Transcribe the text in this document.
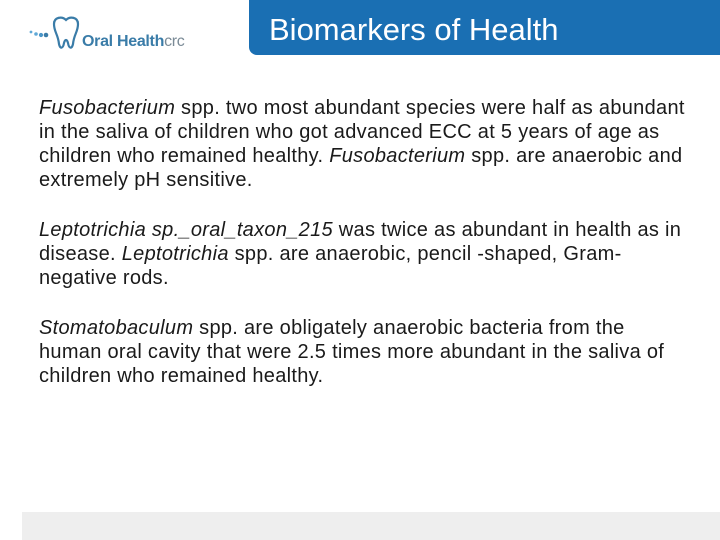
Oral Healthcrc	Biomarkers of Health

Fusobacterium spp. two most abundant species were half as abundant in the saliva of children who got advanced ECC at 5 years of age as children who remained healthy. Fusobacterium spp. are anaerobic and extremely pH sensitive.

Leptotrichia sp._oral_taxon_215 was twice as abundant in health as in disease. Leptotrichia spp. are anaerobic, pencil -shaped, Gram-negative rods.

Stomatobaculum spp. are obligately anaerobic bacteria from the human oral cavity that were 2.5 times more abundant in the saliva of children who remained healthy.
